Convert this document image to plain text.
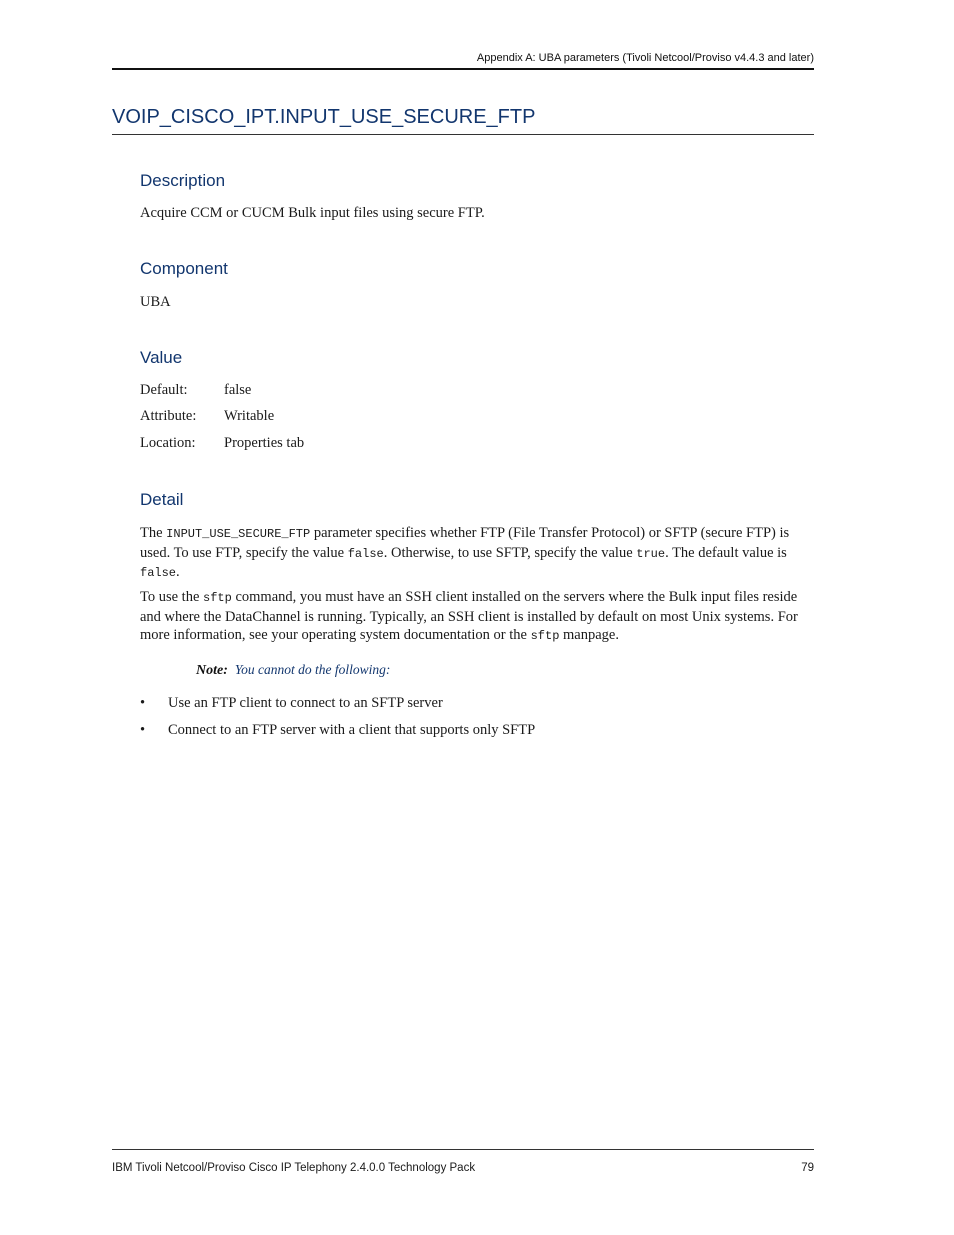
Appendix A: UBA parameters (Tivoli Netcool/Proviso v4.4.3 and later)
VOIP_CISCO_IPT.INPUT_USE_SECURE_FTP
Description
Acquire CCM or CUCM Bulk input files using secure FTP.
Component
UBA
Value
Default:	false
Attribute: Writable
Location: Properties tab
Detail
The INPUT_USE_SECURE_FTP parameter specifies whether FTP (File Transfer Protocol) or SFTP (secure FTP) is used. To use FTP, specify the value false. Otherwise, to use SFTP, specify the value true. The default value is false.
To use the sftp command, you must have an SSH client installed on the servers where the Bulk input files reside and where the DataChannel is running. Typically, an SSH client is installed by default on most Unix systems. For more information, see your operating system documentation or the sftp manpage.
Note: You cannot do the following:
• Use an FTP client to connect to an SFTP server
• Connect to an FTP server with a client that supports only SFTP
IBM Tivoli Netcool/Proviso Cisco IP Telephony 2.4.0.0 Technology Pack	79
